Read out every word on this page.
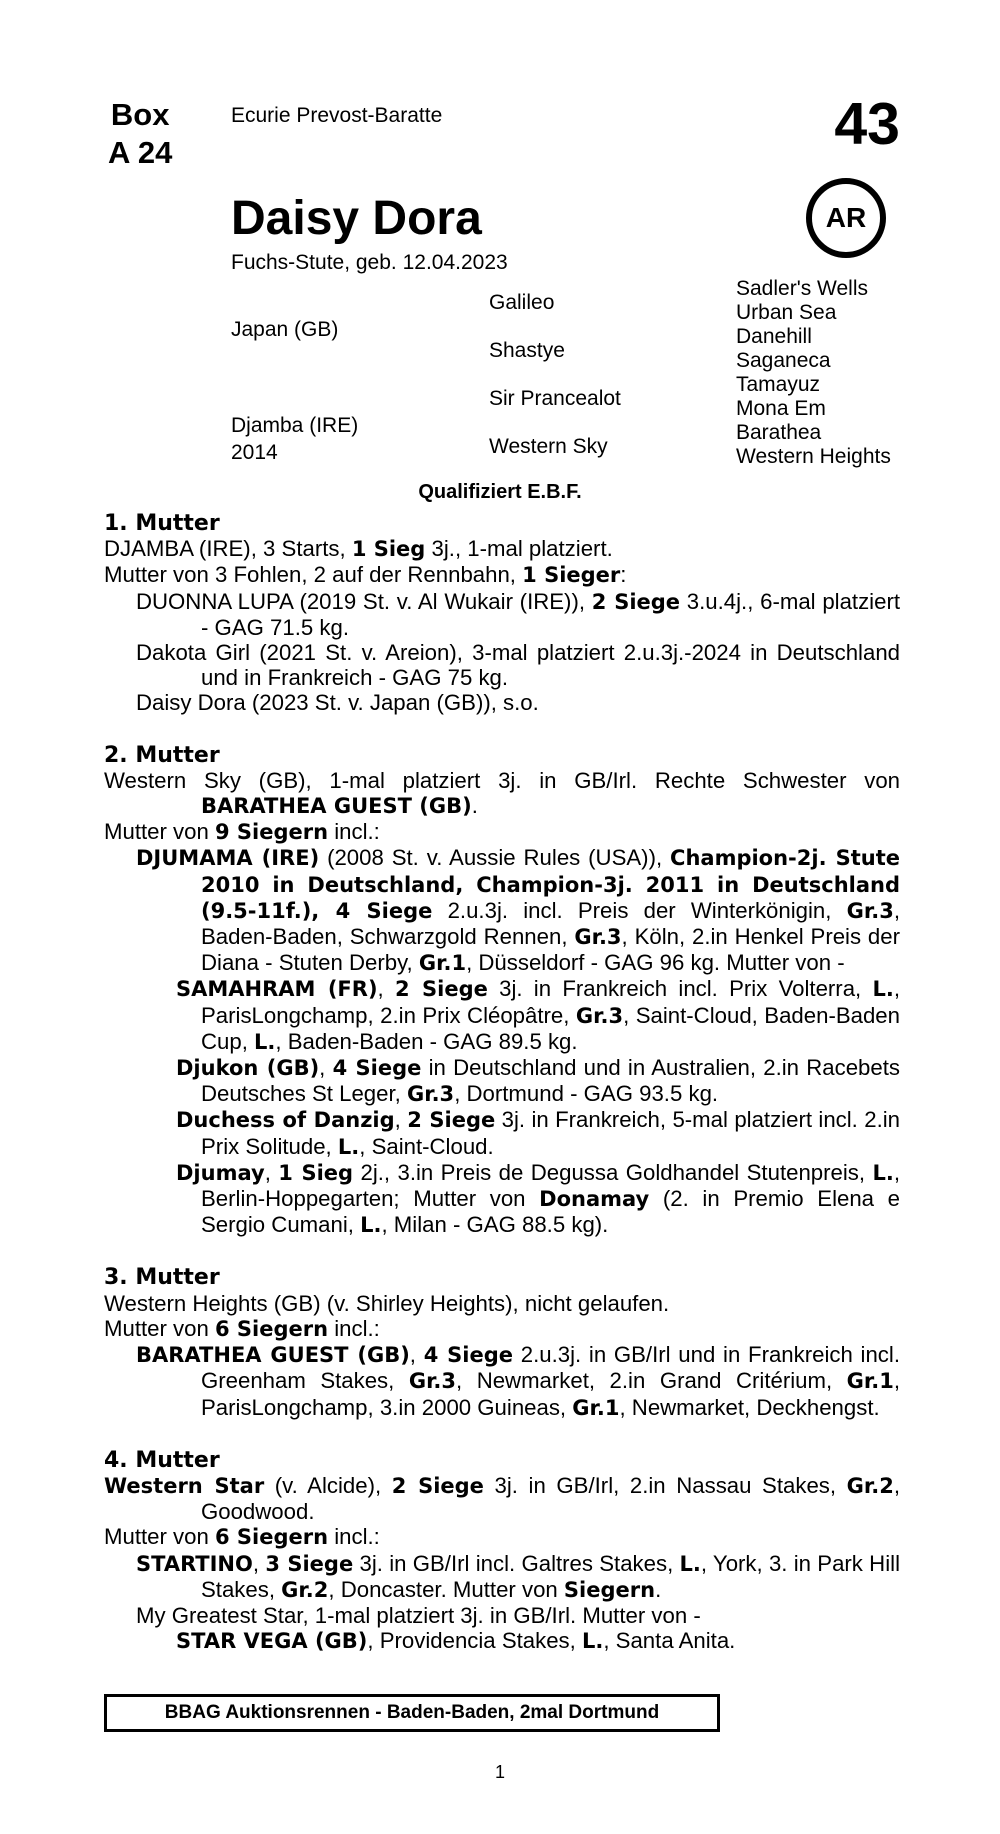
Box
A 24
Ecurie Prevost-Baratte	43
AR
Daisy Dora
Fuchs-Stute, geb. 12.04.2023
Japan (GB)
Djamba (IRE)
2014
Galileo
Shastye
Sir Prancealot
Western Sky
Sadler's Wells
Urban Sea
Danehill
Saganeca
Tamayuz
Mona Em
Barathea
Western Heights
Qualifiziert E.B.F.
1. Mutter
DJAMBA (IRE), 3 Starts, 1 Sieg 3j., 1-mal platziert.
Mutter von 3 Fohlen, 2 auf der Rennbahn, 1 Sieger:
DUONNA LUPA (2019 St. v. Al Wukair (IRE)), 2 Siege 3.u.4j., 6-mal platziert - GAG 71.5 kg.
Dakota Girl (2021 St. v. Areion), 3-mal platziert 2.u.3j.-2024 in Deutschland und in Frankreich - GAG 75 kg.
Daisy Dora (2023 St. v. Japan (GB)), s.o.
2. Mutter
Western Sky (GB), 1-mal platziert 3j. in GB/Irl. Rechte Schwester von BARATHEA GUEST (GB).
Mutter von 9 Siegern incl.:
DJUMAMA (IRE) (2008 St. v. Aussie Rules (USA)), Champion-2j. Stute 2010 in Deutschland, Champion-3j. 2011 in Deutschland (9.5-11f.), 4 Siege 2.u.3j. incl. Preis der Winterkönigin, Gr.3, Baden-Baden, Schwarzgold Rennen, Gr.3, Köln, 2.in Henkel Preis der Diana - Stuten Derby, Gr.1, Düsseldorf - GAG 96 kg. Mutter von -
SAMAHRAM (FR), 2 Siege 3j. in Frankreich incl. Prix Volterra, L., ParisLongchamp, 2.in Prix Cléopâtre, Gr.3, Saint-Cloud, Baden-Baden Cup, L., Baden-Baden - GAG 89.5 kg.
Djukon (GB), 4 Siege in Deutschland und in Australien, 2.in Racebets Deutsches St Leger, Gr.3, Dortmund - GAG 93.5 kg.
Duchess of Danzig, 2 Siege 3j. in Frankreich, 5-mal platziert incl. 2.in Prix Solitude, L., Saint-Cloud.
Djumay, 1 Sieg 2j., 3.in Preis de Degussa Goldhandel Stutenpreis, L., Berlin-Hoppegarten; Mutter von Donamay (2. in Premio Elena e Sergio Cumani, L., Milan - GAG 88.5 kg).
3. Mutter
Western Heights (GB) (v. Shirley Heights), nicht gelaufen.
Mutter von 6 Siegern incl.:
BARATHEA GUEST (GB), 4 Siege 2.u.3j. in GB/Irl und in Frankreich incl. Greenham Stakes, Gr.3, Newmarket, 2.in Grand Critérium, Gr.1, ParisLongchamp, 3.in 2000 Guineas, Gr.1, Newmarket, Deckhengst.
4. Mutter
Western Star (v. Alcide), 2 Siege 3j. in GB/Irl, 2.in Nassau Stakes, Gr.2, Goodwood.
Mutter von 6 Siegern incl.:
STARTINO, 3 Siege 3j. in GB/Irl incl. Galtres Stakes, L., York, 3. in Park Hill Stakes, Gr.2, Doncaster. Mutter von Siegern.
My Greatest Star, 1-mal platziert 3j. in GB/Irl. Mutter von -
STAR VEGA (GB), Providencia Stakes, L., Santa Anita.
BBAG Auktionsrennen - Baden-Baden, 2mal Dortmund
1
